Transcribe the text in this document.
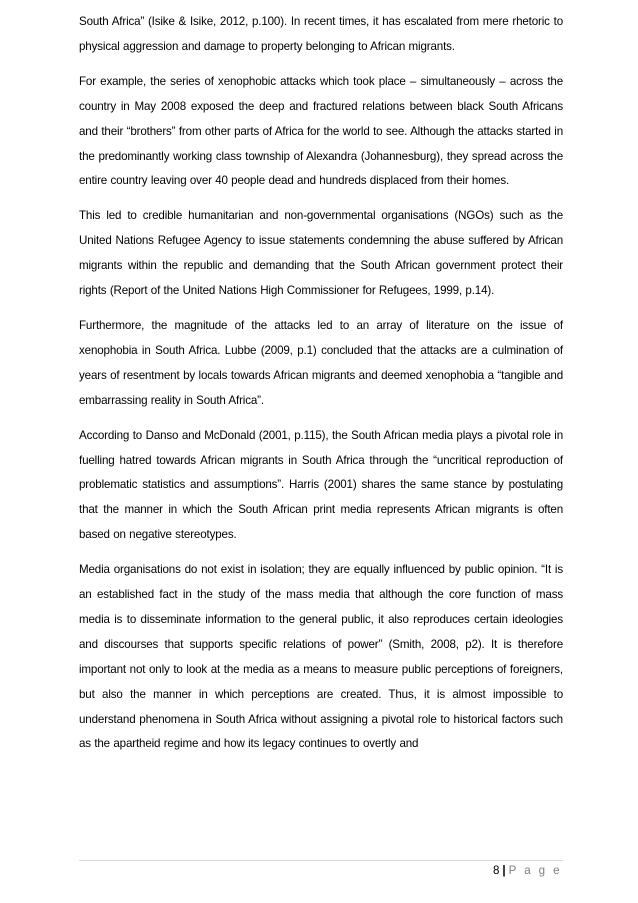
South Africa” (Isike & Isike, 2012, p.100). In recent times, it has escalated from mere rhetoric to physical aggression and damage to property belonging to African migrants.

For example, the series of xenophobic attacks which took place – simultaneously – across the country in May 2008 exposed the deep and fractured relations between black South Africans and their “brothers” from other parts of Africa for the world to see. Although the attacks started in the predominantly working class township of Alexandra (Johannesburg), they spread across the entire country leaving over 40 people dead and hundreds displaced from their homes.

This led to credible humanitarian and non-governmental organisations (NGOs) such as the United Nations Refugee Agency to issue statements condemning the abuse suffered by African migrants within the republic and demanding that the South African government protect their rights (Report of the United Nations High Commissioner for Refugees, 1999, p.14).

Furthermore, the magnitude of the attacks led to an array of literature on the issue of xenophobia in South Africa. Lubbe (2009, p.1) concluded that the attacks are a culmination of years of resentment by locals towards African migrants and deemed xenophobia a “tangible and embarrassing reality in South Africa”.

According to Danso and McDonald (2001, p.115), the South African media plays a pivotal role in fuelling hatred towards African migrants in South Africa through the “uncritical reproduction of problematic statistics and assumptions”. Harris (2001) shares the same stance by postulating that the manner in which the South African print media represents African migrants is often based on negative stereotypes.

Media organisations do not exist in isolation; they are equally influenced by public opinion. “It is an established fact in the study of the mass media that although the core function of mass media is to disseminate information to the general public, it also reproduces certain ideologies and discourses that supports specific relations of power” (Smith, 2008, p2). It is therefore important not only to look at the media as a means to measure public perceptions of foreigners, but also the manner in which perceptions are created. Thus, it is almost impossible to understand phenomena in South Africa without assigning a pivotal role to historical factors such as the apartheid regime and how its legacy continues to overtly and

8 | P a g e
